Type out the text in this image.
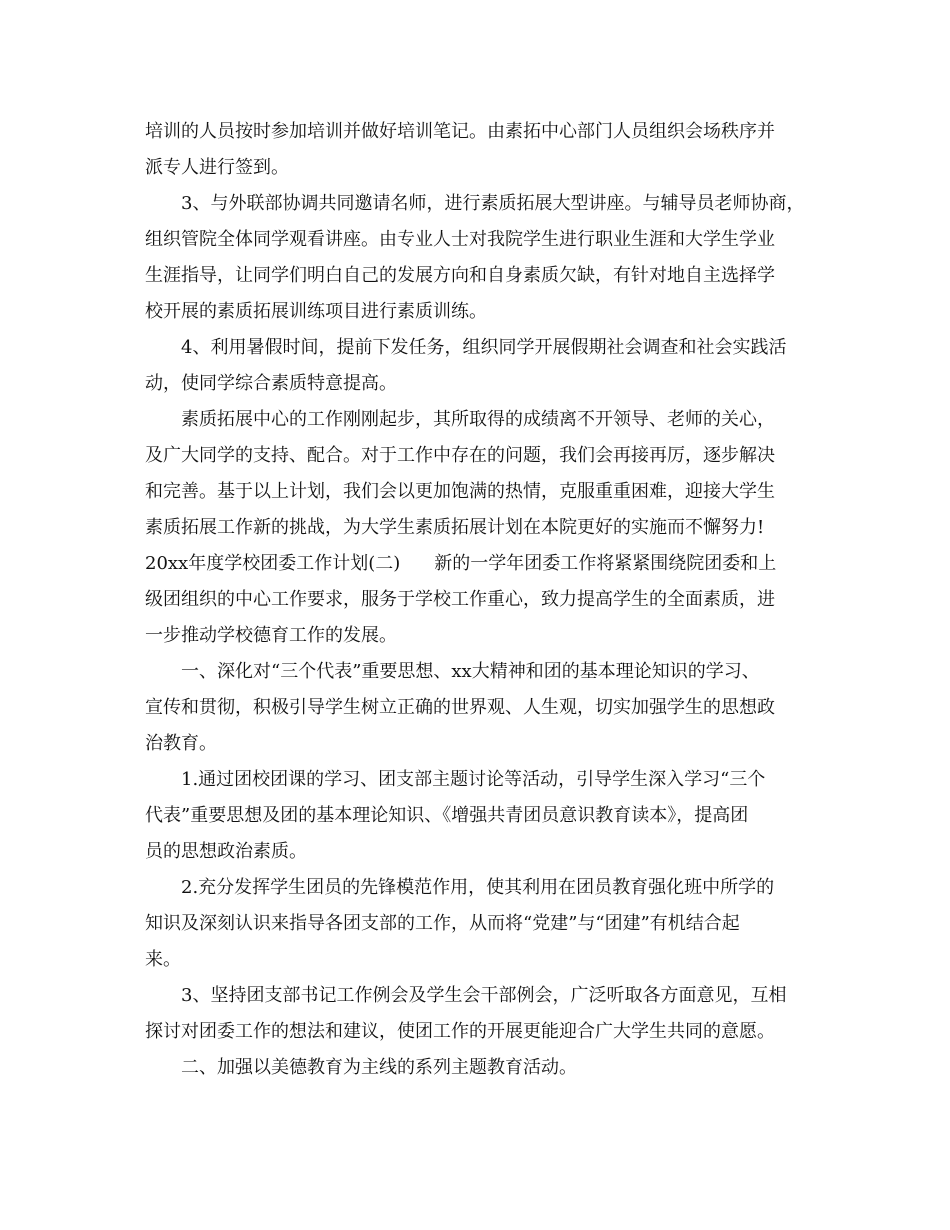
培训的人员按时参加培训并做好培训笔记。由素拓中心部门人员组织会场秩序并
派专人进行签到。
3、与外联部协调共同邀请名师，进行素质拓展大型讲座。与辅导员老师协商，
组织管院全体同学观看讲座。由专业人士对我院学生进行职业生涯和大学生学业
生涯指导，让同学们明白自己的发展方向和自身素质欠缺，有针对地自主选择学
校开展的素质拓展训练项目进行素质训练。
4、利用暑假时间，提前下发任务，组织同学开展假期社会调查和社会实践活
动，使同学综合素质特意提高。
素质拓展中心的工作刚刚起步，其所取得的成绩离不开领导、老师的关心，
及广大同学的支持、配合。对于工作中存在的问题，我们会再接再厉，逐步解决
和完善。基于以上计划，我们会以更加饱满的热情，克服重重困难，迎接大学生
素质拓展工作新的挑战，为大学生素质拓展计划在本院更好的实施而不懈努力!
20xx年度学校团委工作计划(二) 新的一学年团委工作将紧紧围绕院团委和上
级团组织的中心工作要求，服务于学校工作重心，致力提高学生的全面素质，进
一步推动学校德育工作的发展。
一、深化对“三个代表”重要思想、xx大精神和团的基本理论知识的学习、
宣传和贯彻，积极引导学生树立正确的世界观、人生观，切实加强学生的思想政
治教育。
1.通过团校团课的学习、团支部主题讨论等活动，引导学生深入学习“三个
代表”重要思想及团的基本理论知识、《增强共青团员意识教育读本》，提高团
员的思想政治素质。
2.充分发挥学生团员的先锋模范作用，使其利用在团员教育强化班中所学的
知识及深刻认识来指导各团支部的工作，从而将“党建”与“团建”有机结合起
来。
3、坚持团支部书记工作例会及学生会干部例会，广泛听取各方面意见，互相
探讨对团委工作的想法和建议，使团工作的开展更能迎合广大学生共同的意愿。
二、加强以美德教育为主线的系列主题教育活动。
